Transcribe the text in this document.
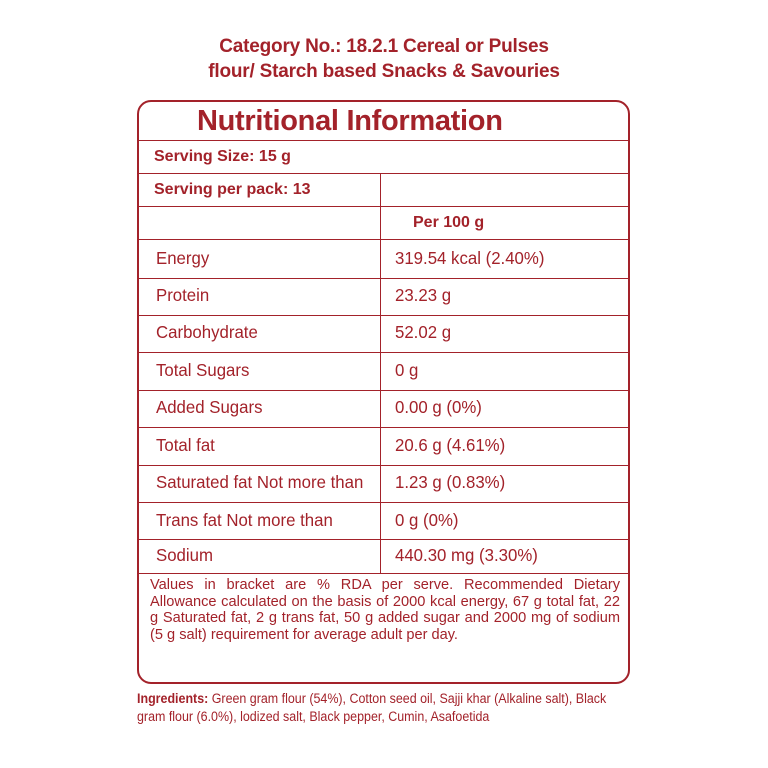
Category No.: 18.2.1 Cereal or Pulses
flour/ Starch based Snacks & Savouries
Nutritional Information
Serving Size: 15 g
Serving per pack: 13
Per 100 g
Energy	319.54 kcal (2.40%)
Protein	23.23 g
Carbohydrate	52.02 g
Total Sugars	0 g
Added Sugars	0.00 g (0%)
Total fat	20.6 g (4.61%)
Saturated fat Not more than 1.23 g (0.83%)
Trans fat Not more than	0 g (0%)
Sodium	440.30 mg (3.30%)
Values in bracket are % RDA per serve. Recommended Dietary Allowance calculated on the basis of 2000 kcal energy, 67 g total fat, 22 g Saturated fat, 2 g trans fat, 50 g added sugar and 2000 mg of sodium (5 g salt) requirement for average adult per day.
Ingredients: Green gram flour (54%), Cotton seed oil, Sajji khar (Alkaline salt), Black gram flour (6.0%), lodized salt, Black pepper, Cumin, Asafoetida
